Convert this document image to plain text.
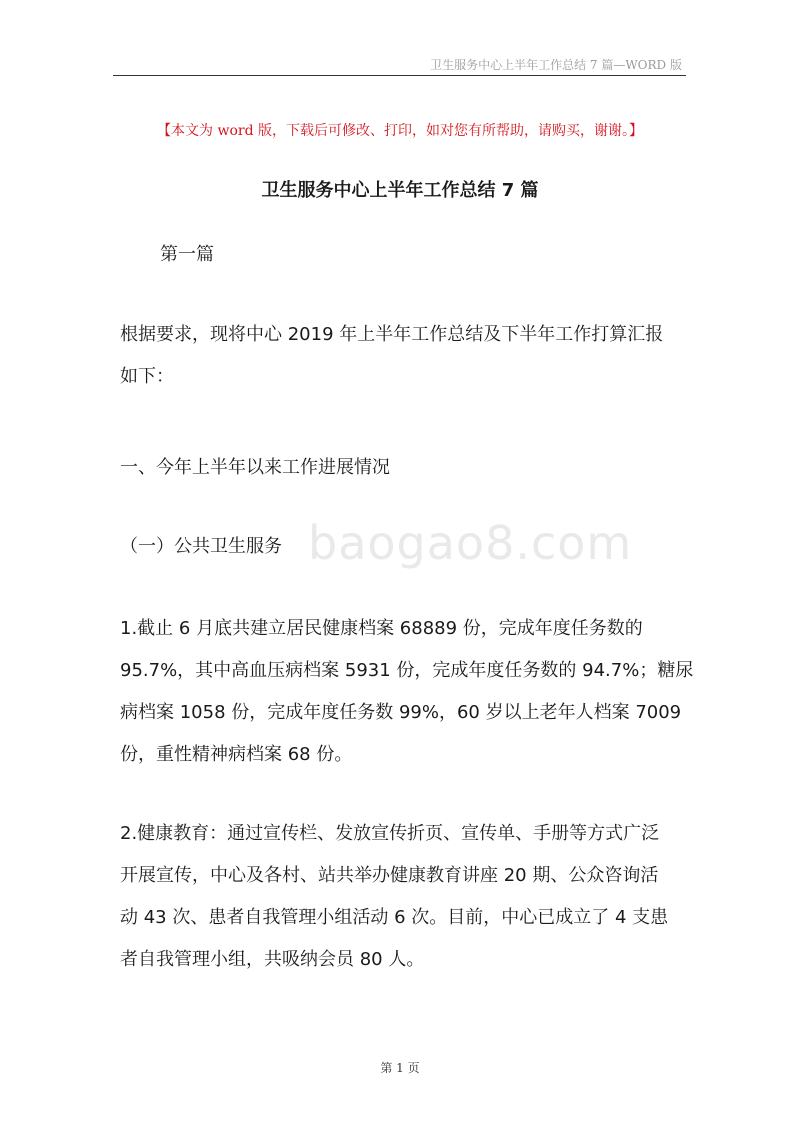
baogao8.com
卫生服务中心上半年工作总结 7 篇—WORD 版
【本文为 word 版，下载后可修改、打印，如对您有所帮助，请购买，谢谢。】
卫生服务中心上半年工作总结 7 篇
第一篇

根据要求，现将中心 2019 年上半年工作总结及下半年工作打算汇报

如下：

一、今年上半年以来工作进展情况
（一）公共卫生服务

1.截止 6 月底共建立居民健康档案 68889 份，完成年度任务数的

95.7%，其中高血压病档案 5931 份，完成年度任务数的 94.7%；糖尿

病档案 1058 份，完成年度任务数 99%，60 岁以上老年人档案 7009

份，重性精神病档案 68 份。

2.健康教育：通过宣传栏、发放宣传折页、宣传单、手册等方式广泛

开展宣传，中心及各村、站共举办健康教育讲座 20 期、公众咨询活

动 43 次、患者自我管理小组活动 6 次。目前，中心已成立了 4 支患

者自我管理小组，共吸纳会员 80 人。

第 1 页
